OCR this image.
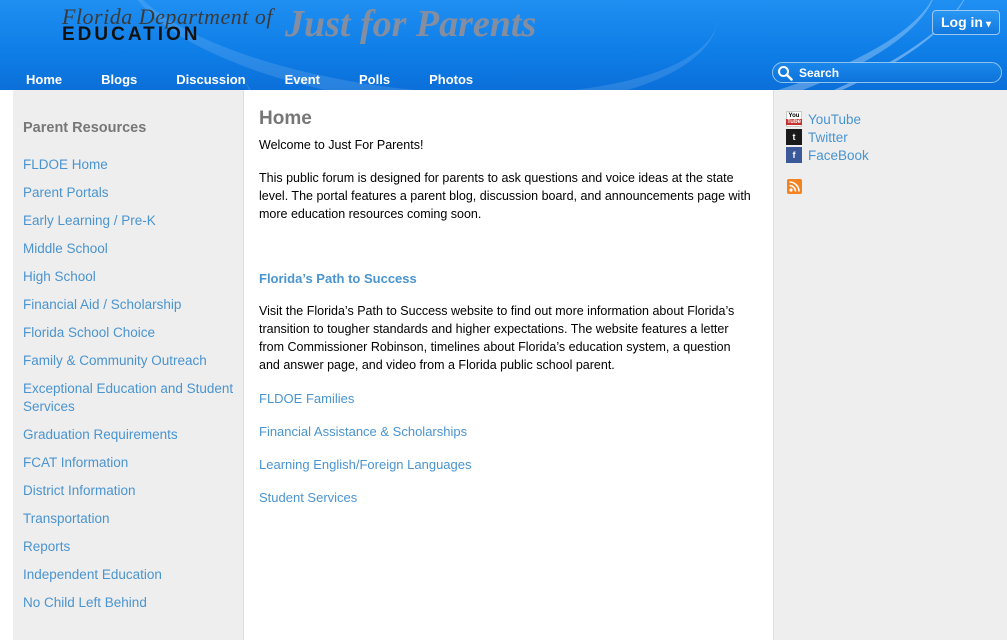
Florida Department of
EDUCATION Just for Parents	Log in ▾
Home	Blogs	Discussion	Event	Polls	Photos
Search
Parent Resources
FLDOE Home
Parent Portals
Early Learning / Pre-K
Middle School
High School
Financial Aid / Scholarship
Florida School Choice
Family & Community Outreach
Exceptional Education and Student Services
Graduation Requirements
FCAT Information
District Information
Transportation
Reports
Independent Education
No Child Left Behind
Home

Welcome to Just For Parents!

This public forum is designed for parents to ask questions and voice ideas at the state level. The portal features a parent blog, discussion board, and announcements page with more education resources coming soon.

Florida’s Path to Success

Visit the Florida’s Path to Success website to find out more information about Florida’s transition to tougher standards and higher expectations. The website features a letter from Commissioner Robinson, timelines about Florida’s education system, a question and answer page, and video from a Florida public school parent.

FLDOE Families
Financial Assistance & Scholarships
Learning English/Foreign Languages
Student Services
You
Tube YouTube
t Twitter
f FaceBook
